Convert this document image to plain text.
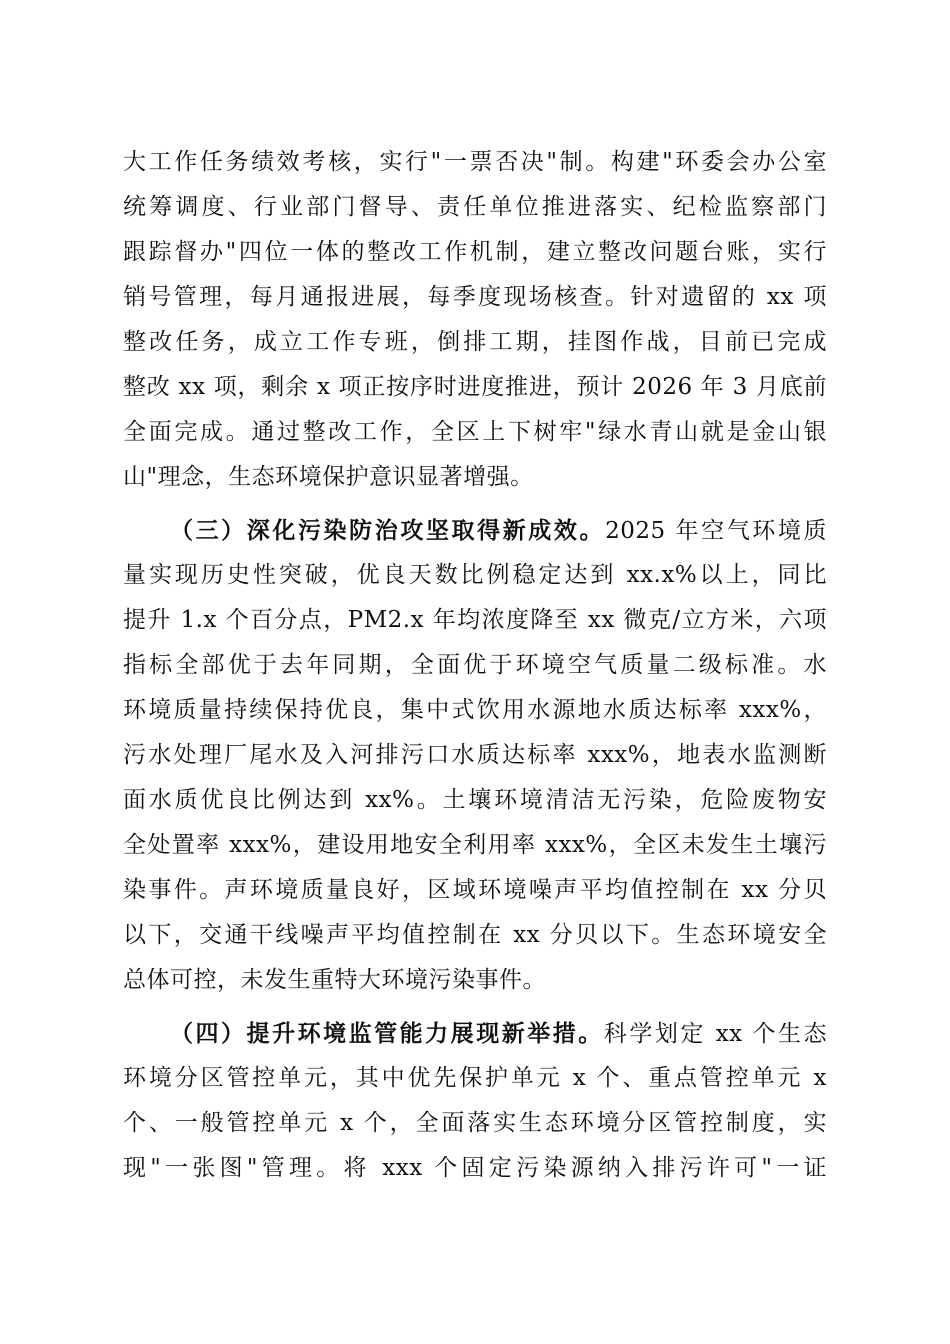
大工作任务绩效考核，实行"一票否决"制。构建"环委会办公室
统筹调度、行业部门督导、责任单位推进落实、纪检监察部门
跟踪督办"四位一体的整改工作机制，建立整改问题台账，实行
销号管理，每月通报进展，每季度现场核查。针对遗留的 xx 项
整改任务，成立工作专班，倒排工期，挂图作战，目前已完成
整改 xx 项，剩余 x 项正按序时进度推进，预计 2026 年 3 月底前
全面完成。通过整改工作，全区上下树牢"绿水青山就是金山银
山"理念，生态环境保护意识显著增强。
（三）深化污染防治攻坚取得新成效。2025 年空气环境质
量实现历史性突破，优良天数比例稳定达到 xx.x%以上，同比
提升 1.x 个百分点，PM2.x 年均浓度降至 xx 微克/立方米，六项
指标全部优于去年同期，全面优于环境空气质量二级标准。水
环境质量持续保持优良，集中式饮用水源地水质达标率 xxx%，
污水处理厂尾水及入河排污口水质达标率 xxx%，地表水监测断
面水质优良比例达到 xx%。土壤环境清洁无污染，危险废物安
全处置率 xxx%，建设用地安全利用率 xxx%，全区未发生土壤污
染事件。声环境质量良好，区域环境噪声平均值控制在 xx 分贝
以下，交通干线噪声平均值控制在 xx 分贝以下。生态环境安全
总体可控，未发生重特大环境污染事件。
（四）提升环境监管能力展现新举措。科学划定 xx 个生态
环境分区管控单元，其中优先保护单元 x 个、重点管控单元 x
个、一般管控单元 x 个，全面落实生态环境分区管控制度，实
现"一张图"管理。将 xxx 个固定污染源纳入排污许可"一证
